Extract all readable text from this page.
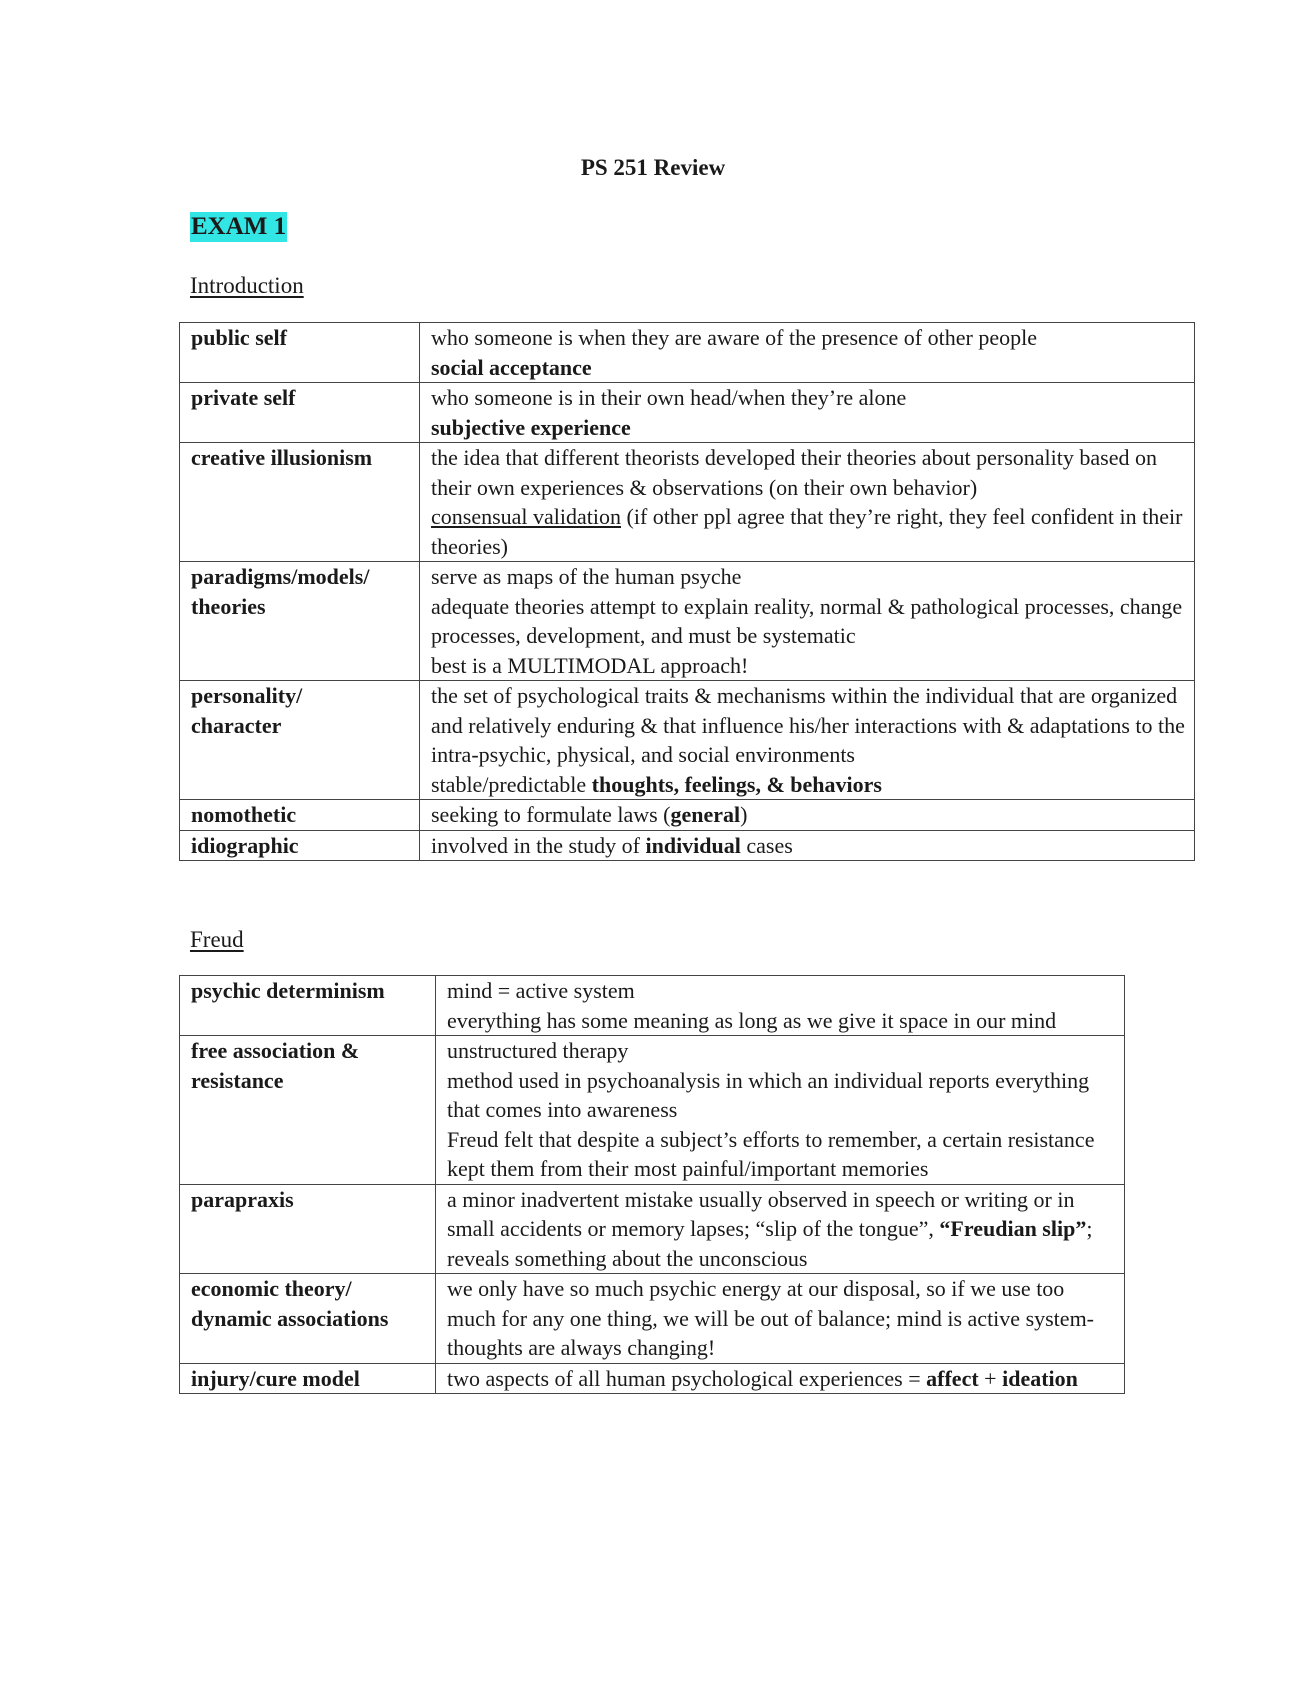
PS 251 Review
EXAM 1
Introduction
public self	who someone is when they are aware of the presence of other people
social acceptance

private self	who someone is in their own head/when they’re alone
subjective experience

creative illusionism	the idea that different theorists developed their theories about personality based on their own experiences & observations (on their own behavior)
consensual validation (if other ppl agree that they’re right, they feel confident in their theories)

paradigms/models/
theories	serve as maps of the human psyche
adequate theories attempt to explain reality, normal & pathological processes, change processes, development, and must be systematic
best is a MULTIMODAL approach!

personality/
character	the set of psychological traits & mechanisms within the individual that are organized and relatively enduring & that influence his/her interactions with & adaptations to the intra-psychic, physical, and social environments
stable/predictable thoughts, feelings, & behaviors

nomothetic	seeking to formulate laws (general)

idiographic	involved in the study of individual cases
Freud
psychic determinism	mind = active system
everything has some meaning as long as we give it space in our mind

free association &
resistance	unstructured therapy
method used in psychoanalysis in which an individual reports everything that comes into awareness
Freud felt that despite a subject’s efforts to remember, a certain resistance kept them from their most painful/important memories

parapraxis	a minor inadvertent mistake usually observed in speech or writing or in small accidents or memory lapses; “slip of the tongue”, “Freudian slip”; reveals something about the unconscious

economic theory/
dynamic associations	we only have so much psychic energy at our disposal, so if we use too much for any one thing, we will be out of balance; mind is active system- thoughts are always changing!

injury/cure model	two aspects of all human psychological experiences = affect + ideation
